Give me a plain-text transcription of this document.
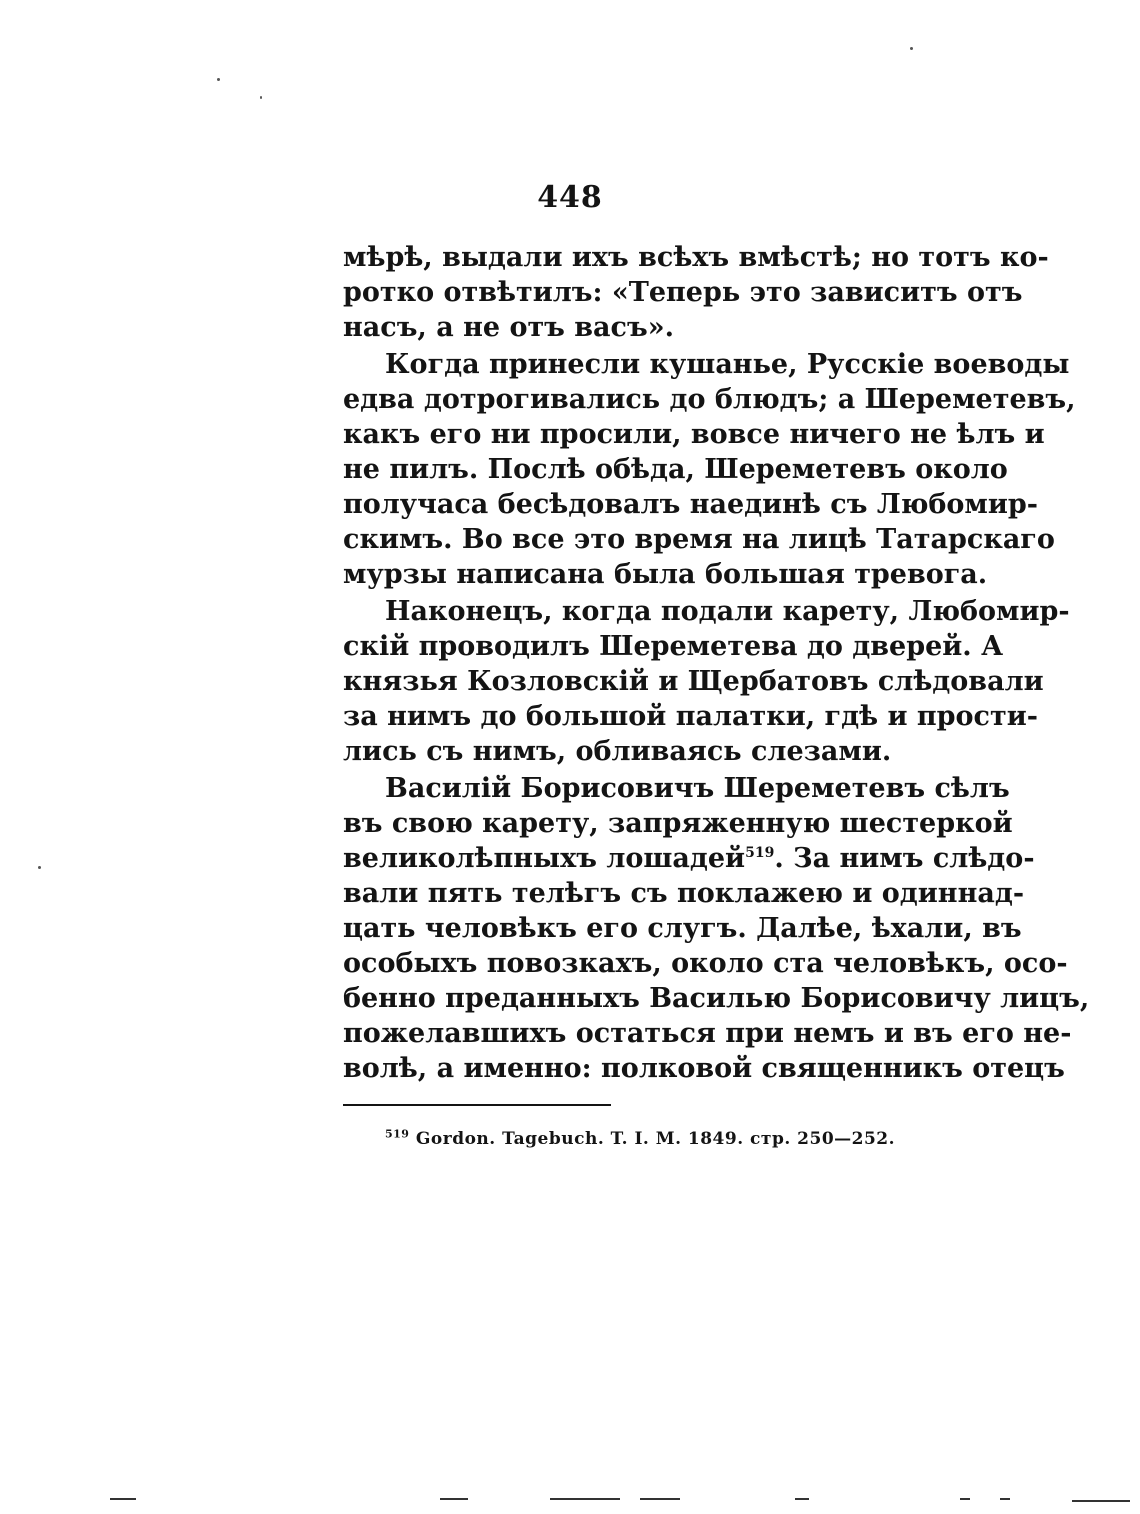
448
мѣрѣ, выдали ихъ всѣхъ вмѣстѣ; но тотъ ко-
ротко отвѣтилъ: «Теперь это зависитъ отъ
насъ, а не отъ васъ».
Когда принесли кушанье, Русскіе воеводы
едва дотрогивались до блюдъ; а Шереметевъ,
какъ его ни просили, вовсе ничего не ѣлъ и
не пилъ. Послѣ обѣда, Шереметевъ около
получаса бесѣдовалъ наединѣ съ Любомир-
скимъ. Во все это время на лицѣ Татарскаго
мурзы написана была большая тревога.
Наконецъ, когда подали карету, Любомир-
скій проводилъ Шереметева до дверей. А
князья Козловскій и Щербатовъ слѣдовали
за нимъ до большой палатки, гдѣ и прости-
лись съ нимъ, обливаясь слезами.
Василій Борисовичъ Шереметевъ сѣлъ
въ свою карету, запряженную шестеркой
великолѣпныхъ лошадей$^{519}$. За нимъ слѣдо-
вали пять телѣгъ съ поклажею и одиннад-
цать человѣкъ его слугъ. Далѣе, ѣхали, въ
особыхъ повозкахъ, около ста человѣкъ, осо-
бенно преданныхъ Василью Борисовичу лицъ,
пожелавшихъ остаться при немъ и въ его не-
волѣ, а именно: полковой священникъ отецъ
$^{519}$ Gordon. Tagebuch. T. I. M. 1849. стр. 250—252.
